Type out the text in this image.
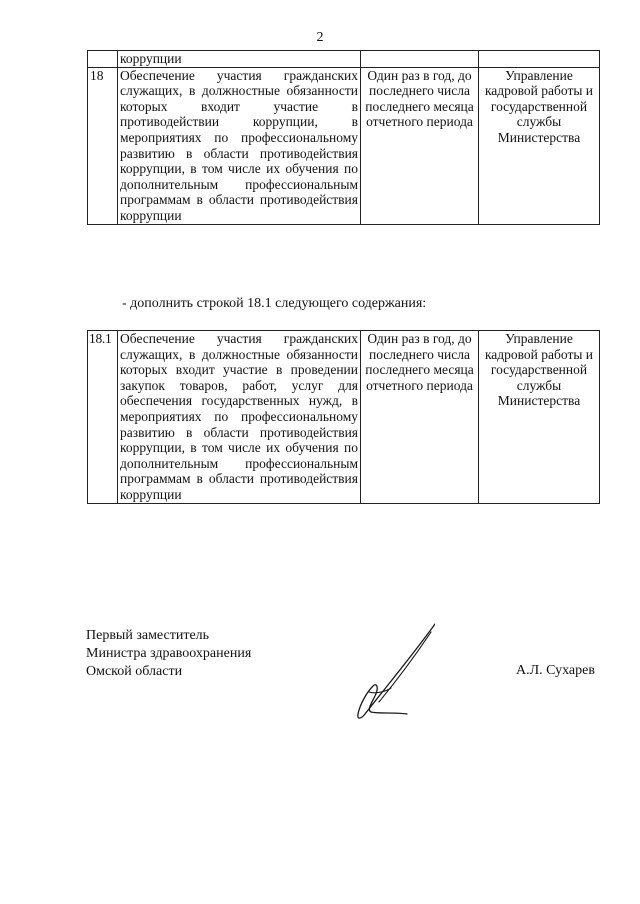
2
	коррупции		
18	Обеспечение участия гражданских служащих, в должностные обязанности которых входит участие в противодействии коррупции, в мероприятиях по профессиональному развитию в области противодействия коррупции, в том числе их обучения по дополнительным профессиональным программам в области противодействия коррупции	Один раз в год, до последнего числа последнего месяца отчетного периода	Управление кадровой работы и государственной службы Министерства
- дополнить строкой 18.1 следующего содержания:
18.1	Обеспечение участия гражданских служащих, в должностные обязанности которых входит участие в проведении закупок товаров, работ, услуг для обеспечения государственных нужд, в мероприятиях по профессиональному развитию в области противодействия коррупции, в том числе их обучения по дополнительным профессиональным программам в области противодействия коррупции	Один раз в год, до последнего числа последнего месяца отчетного периода	Управление кадровой работы и государственной службы Министерства
Первый заместитель
Министра здравоохранения
Омской области	А.Л. Сухарев
